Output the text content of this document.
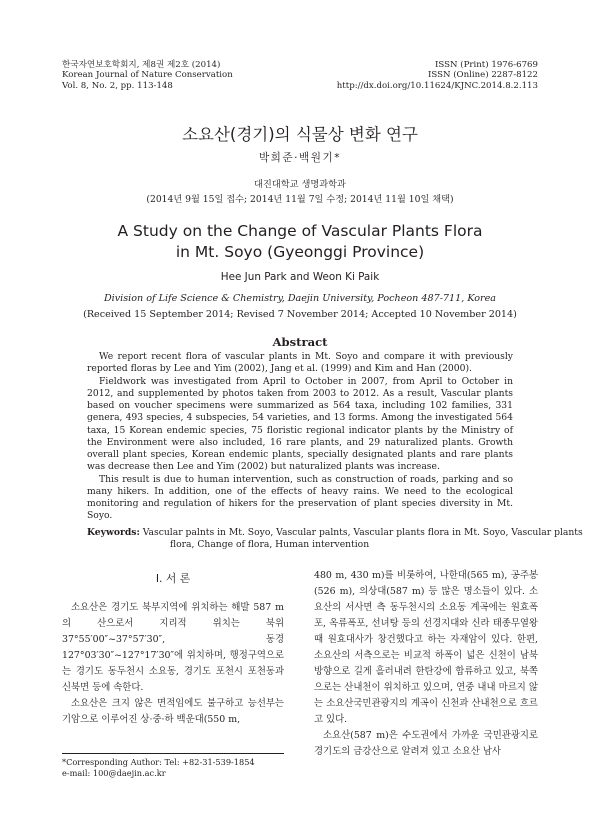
한국자연보호학회지, 제8권 제2호 (2014)
Korean Journal of Nature Conservation
Vol. 8, No. 2, pp. 113-148
ISSN (Print) 1976-6769
ISSN (Online) 2287-8122
http://dx.doi.org/10.11624/KJNC.2014.8.2.113
소요산(경기)의 식물상 변화 연구
박희준·백원기*
대진대학교 생명과학과
(2014년 9월 15일 접수; 2014년 11월 7일 수정; 2014년 11월 10일 채택)
A Study on the Change of Vascular Plants Flora
in Mt. Soyo (Gyeonggi Province)
Hee Jun Park and Weon Ki Paik
Division of Life Science & Chemistry, Daejin University, Pocheon 487-711, Korea
(Received 15 September 2014; Revised 7 November 2014; Accepted 10 November 2014)
Abstract

We report recent flora of vascular plants in Mt. Soyo and compare it with previously reported floras by Lee and Yim (2002), Jang et al. (1999) and Kim and Han (2000).

Fieldwork was investigated from April to October in 2007, from April to October in 2012, and supplemented by photos taken from 2003 to 2012. As a result, Vascular plants based on voucher specimens were summarized as 564 taxa, including 102 families, 331 genera, 493 species, 4 subspecies, 54 varieties, and 13 forms. Among the investigated 564 taxa, 15 Korean endemic species, 75 floristic regional indicator plants by the Ministry of the Environment were also included, 16 rare plants, and 29 naturalized plants. Growth overall plant species, Korean endemic plants, specially designated plants and rare plants was decrease then Lee and Yim (2002) but naturalized plants was increase.

This result is due to human intervention, such as construction of roads, parking and so many hikers. In addition, one of the effects of heavy rains. We need to the ecological monitoring and regulation of hikers for the preservation of plant species diversity in Mt. Soyo.

Keywords: Vascular palnts in Mt. Soyo, Vascular palnts, Vascular plants flora in Mt. Soyo, Vascular plants flora, Change of flora, Human intervention
I. 서 론

소요산은 경기도 북부지역에 위치하는 해발 587 m의 산으로서 지리적 위치는 북위 37°55′00″~37°57′30″, 동경 127°03′30″~127°17′30″에 위치하며, 행정구역으로는 경기도 동두천시 소요동, 경기도 포천시 포천동과 신북면 등에 속한다.

소요산은 크지 않은 면적임에도 불구하고 능선부는 기암으로 이루어진 상·중·하 백운대(550 m,

480 m, 430 m)를 비롯하여, 나한대(565 m), 공주봉(526 m), 의상대(587 m) 등 많은 명소들이 있다. 소요산의 서사면 측 동두천시의 소요동 계곡에는 원효폭포, 옥류폭포, 선녀탕 등의 선경지대와 신라 태종무열왕때 원효대사가 창건했다고 하는 자재암이 있다. 한편, 소요산의 서측으로는 비교적 하폭이 넓은 신천이 남북방향으로 길게 흘러내려 한탄강에 합류하고 있고, 북쪽으로는 산내천이 위치하고 있으며, 연중 내내 마르지 않는 소요산국민관광지의 계곡이 신천과 산내천으로 흐르고 있다.

소요산(587 m)은 수도권에서 가까운 국민관광지로 경기도의 금강산으로 알려져 있고 소요산 남사

*Corresponding Author: Tel: +82-31-539-1854
e-mail: 100@daejin.ac.kr
